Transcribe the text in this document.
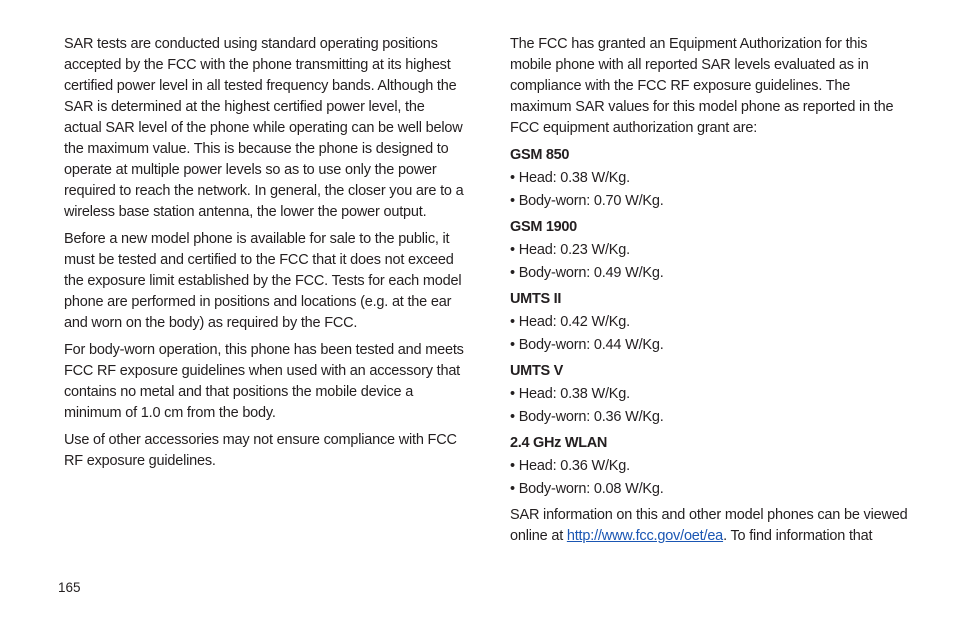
SAR tests are conducted using standard operating positions accepted by the FCC with the phone transmitting at its highest certified power level in all tested frequency bands. Although the SAR is determined at the highest certified power level, the actual SAR level of the phone while operating can be well below the maximum value. This is because the phone is designed to operate at multiple power levels so as to use only the power required to reach the network. In general, the closer you are to a wireless base station antenna, the lower the power output.

Before a new model phone is available for sale to the public, it must be tested and certified to the FCC that it does not exceed the exposure limit established by the FCC. Tests for each model phone are performed in positions and locations (e.g. at the ear and worn on the body) as required by the FCC.

For body-worn operation, this phone has been tested and meets FCC RF exposure guidelines when used with an accessory that contains no metal and that positions the mobile device a minimum of 1.0 cm from the body.

Use of other accessories may not ensure compliance with FCC RF exposure guidelines.

The FCC has granted an Equipment Authorization for this mobile phone with all reported SAR levels evaluated as in compliance with the FCC RF exposure guidelines. The maximum SAR values for this model phone as reported in the FCC equipment authorization grant are:

GSM 850
• Head: 0.38 W/Kg.
• Body-worn: 0.70 W/Kg.
GSM 1900
• Head: 0.23 W/Kg.
• Body-worn: 0.49 W/Kg.
UMTS II
• Head: 0.42 W/Kg.
• Body-worn: 0.44 W/Kg.
UMTS V
• Head: 0.38 W/Kg.
• Body-worn: 0.36 W/Kg.
2.4 GHz WLAN
• Head: 0.36 W/Kg.
• Body-worn: 0.08 W/Kg.

SAR information on this and other model phones can be viewed online at http://www.fcc.gov/oet/ea. To find information that

165
